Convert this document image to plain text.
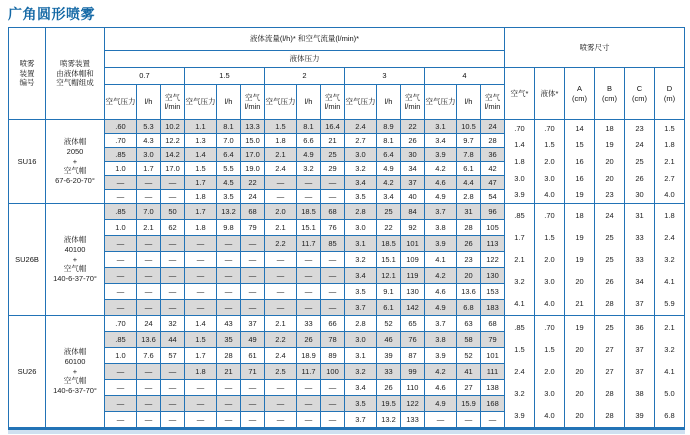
广角圆形喷雾
喷雾
装置
编号
喷雾装置
由液体帽和
空气帽组成
液体流量(l/h)* 和空气流量(l/min)*
液体压力
0.7	1.5	2	3	4
空气压力 l/h
空气
l/min
空气压力 l/h
空气
l/min
空气压力 l/h
空气
l/min
空气压力 l/h
空气
l/min
空气压力 l/h
空气
l/min
喷雾尺寸
空气* 液体*
A
(cm)
B
(cm)
C
(cm)
D
(m)
SU16
液体帽
2050
+
空气帽
67-6-20-70°
.60	5.3	10.2	1.1	8.1	13.3	1.5	8.1	16.4	2.4	8.9	22	3.1	10.5	24
.70	4.3	12.2	1.3	7.0	15.0	1.8	6.6	21	2.7	8.1	26	3.4	9.7	28
.85	3.0	14.2	1.4	6.4	17.0	2.1	4.9	25	3.0	6.4	30	3.9	7.8	36
1.0	1.7	17.0	1.5	5.5	19.0	2.4	3.2	29	3.2	4.9	34	4.2	6.1	42
—	—	—	1.7	4.5	22	—	—	—	3.4	4.2	37	4.6	4.4	47
—	—	—	1.8	3.5	24	—	—	—	3.5	3.4	40	4.9	2.8	54
.70	.70	14	18	23	1.5
1.4	1.5	15	19	24	1.8
1.8	2.0	16	20	25	2.1
3.0	3.0	16	20	26	2.7
3.9	4.0	19	23	30	4.0
SU26B
液体帽
40100
+
空气帽
140-6-37-70°
.85	7.0	50	1.7	13.2	68	2.0	18.5	68	2.8	25	84	3.7	31	96
1.0	2.1	62	1.8	9.8	79	2.1	15.1	76	3.0	22	92	3.8	28	105
—	—	—	—	—	—	2.2	11.7	85	3.1	18.5	101	3.9	26	113
—	—	—	—	—	—	—	—	—	3.2	15.1	109	4.1	23	122
—	—	—	—	—	—	—	—	—	3.4	12.1	119	4.2	20	130
—	—	—	—	—	—	—	—	—	3.5	9.1	130	4.6	13.6	153
—	—	—	—	—	—	—	—	—	3.7	6.1	142	4.9	6.8	183
.85	.70	18	24	31	1.8
1.7	1.5	19	25	33	2.4
2.1	2.0	19	25	33	3.2
3.2	3.0	20	26	34	4.1
4.1	4.0	21	28	37	5.9
SU26
液体帽
60100
+
空气帽
140-6-37-70°
.70	24	32	1.4	43	37	2.1	33	66	2.8	52	65	3.7	63	68
.85	13.6	44	1.5	35	49	2.2	26	78	3.0	46	76	3.8	58	79
1.0	7.6	57	1.7	28	61	2.4	18.9	89	3.1	39	87	3.9	52	101
—	—	—	1.8	21	71	2.5	11.7	100	3.2	33	99	4.2	41	111
—	—	—	—	—	—	—	—	—	3.4	26	110	4.6	27	138
—	—	—	—	—	—	—	—	—	3.5	19.5	122	4.9	15.9	168
—	—	—	—	—	—	—	—	—	3.7	13.2	133	—	—	—
.85	.70	19	25	36	2.1
1.5	1.5	20	27	37	3.2
2.4	2.0	20	27	37	4.1
3.2	3.0	20	28	38	5.0
3.9	4.0	20	28	39	6.8
